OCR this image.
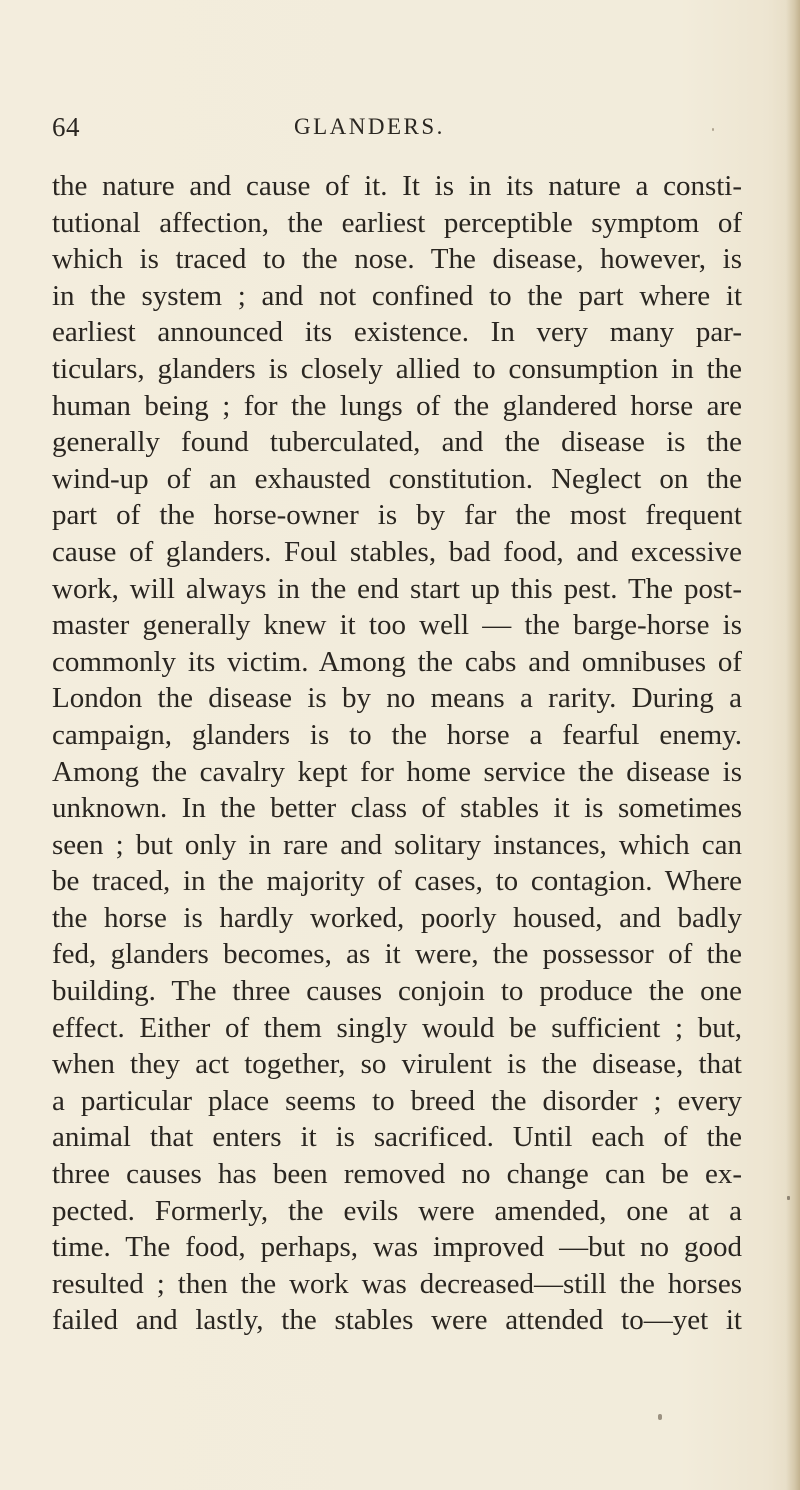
64	GLANDERS.
the nature and cause of it. It is in its nature a consti-
tutional affection, the earliest perceptible symptom of
which is traced to the nose. The disease, however, is
in the system ; and not confined to the part where it
earliest announced its existence. In very many par-
ticulars, glanders is closely allied to consumption in the
human being ; for the lungs of the glandered horse are
generally found tuberculated, and the disease is the
wind-up of an exhausted constitution. Neglect on the
part of the horse-owner is by far the most frequent
cause of glanders. Foul stables, bad food, and excessive
work, will always in the end start up this pest. The post-
master generally knew it too well — the barge-horse is
commonly its victim. Among the cabs and omnibuses of
London the disease is by no means a rarity. During a
campaign, glanders is to the horse a fearful enemy.
Among the cavalry kept for home service the disease is
unknown. In the better class of stables it is sometimes
seen ; but only in rare and solitary instances, which can
be traced, in the majority of cases, to contagion. Where
the horse is hardly worked, poorly housed, and badly
fed, glanders becomes, as it were, the possessor of the
building. The three causes conjoin to produce the one
effect. Either of them singly would be sufficient ; but,
when they act together, so virulent is the disease, that
a particular place seems to breed the disorder ; every
animal that enters it is sacrificed. Until each of the
three causes has been removed no change can be ex-
pected. Formerly, the evils were amended, one at a
time. The food, perhaps, was improved —but no good
resulted ; then the work was decreased—still the horses
failed and lastly, the stables were attended to—yet it
